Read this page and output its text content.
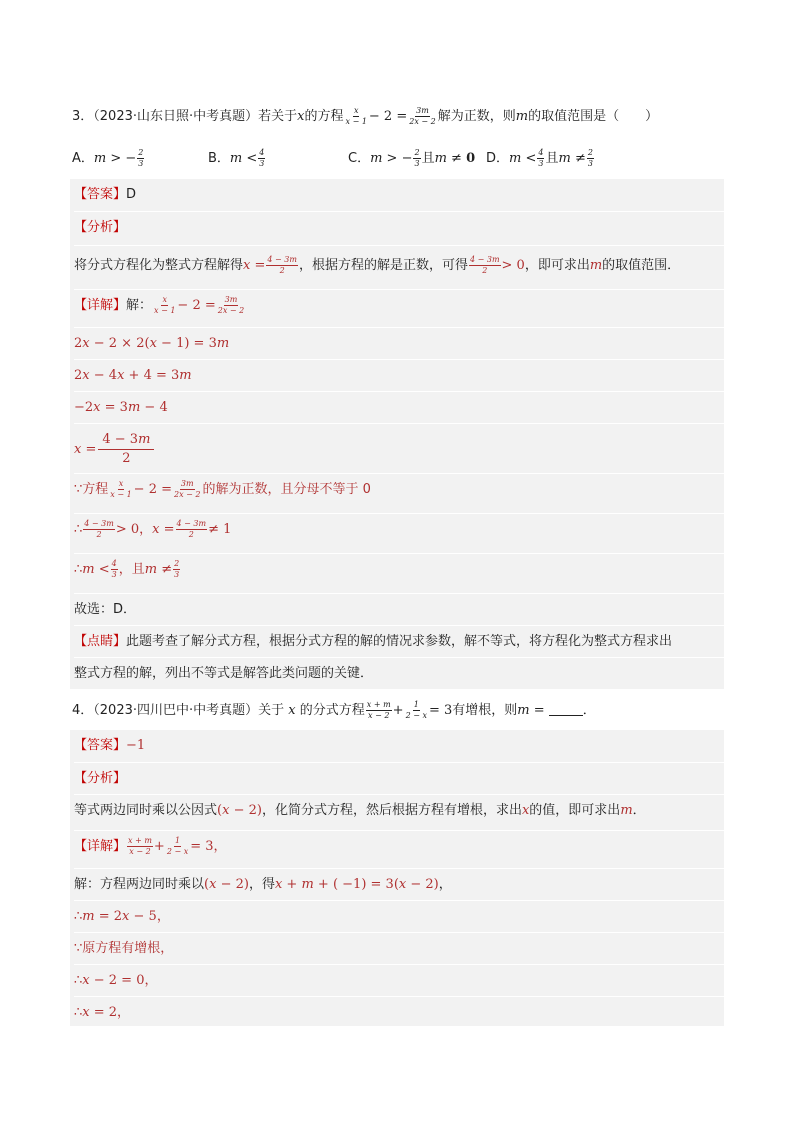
3．（2023·山东日照·中考真题）若关于x的方程 $\frac{x}{x - 1} - 2 = \frac{3m}{2x - 2}$ 解为正数，则m的取值范围是（　　）
A．m > − $\frac{2}{3}$	B．$m < \frac{4}{3}$	C．m > − $\frac{2}{3}$ 且m ≠ 0 D．$m < \frac{4}{3}$ 且$m \ne \frac{2}{3}$
【答案】D
【分析】
将分式方程化为整式方程解得$x = \frac{4 - 3m}{2}$ ，根据方程的解是正数，可得 $\frac{4 - 3m}{2} > 0$，即可求出m的取值范围．
【详解】解： $\frac{x}{x - 1} - 2 = \frac{3m}{2x - 2}$
2x − 2 × 2(x − 1) = 3m
2x − 4x + 4 = 3m
−2x = 3m − 4
$x = \frac{4 - 3m}{2}$
∵方程 $\frac{x}{x - 1} - 2 = \frac{3m}{2x - 2}$ 的解为正数，且分母不等于 0
∴ $\frac{4 - 3m}{2} > 0$，$x = \frac{4 - 3m}{2} \ne 1$
∴m < $\frac{4}{3}$ ，且$m \ne \frac{2}{3}$
故选：D．
【点睛】此题考查了解分式方程，根据分式方程的解的情况求参数，解不等式，将方程化为整式方程求出
整式方程的解，列出不等式是解答此类问题的关键．
4．（2023·四川巴中·中考真题）关于 x 的分式方程 $\frac{x + m}{x - 2} + \frac{1}{2 - x} = 3$有增根，则m =	．
【答案】−1
【分析】
等式两边同时乘以公因式(x − 2)，化简分式方程，然后根据方程有增根，求出x的值，即可求出m．
【详解】 $\frac{x + m}{x - 2} + \frac{1}{2 - x} = 3$，
解：方程两边同时乘以(x − 2)，得x + m + ( −1) = 3(x − 2)，
∴m = 2x − 5，
∵原方程有增根，
∴x − 2 = 0，
∴x = 2，
